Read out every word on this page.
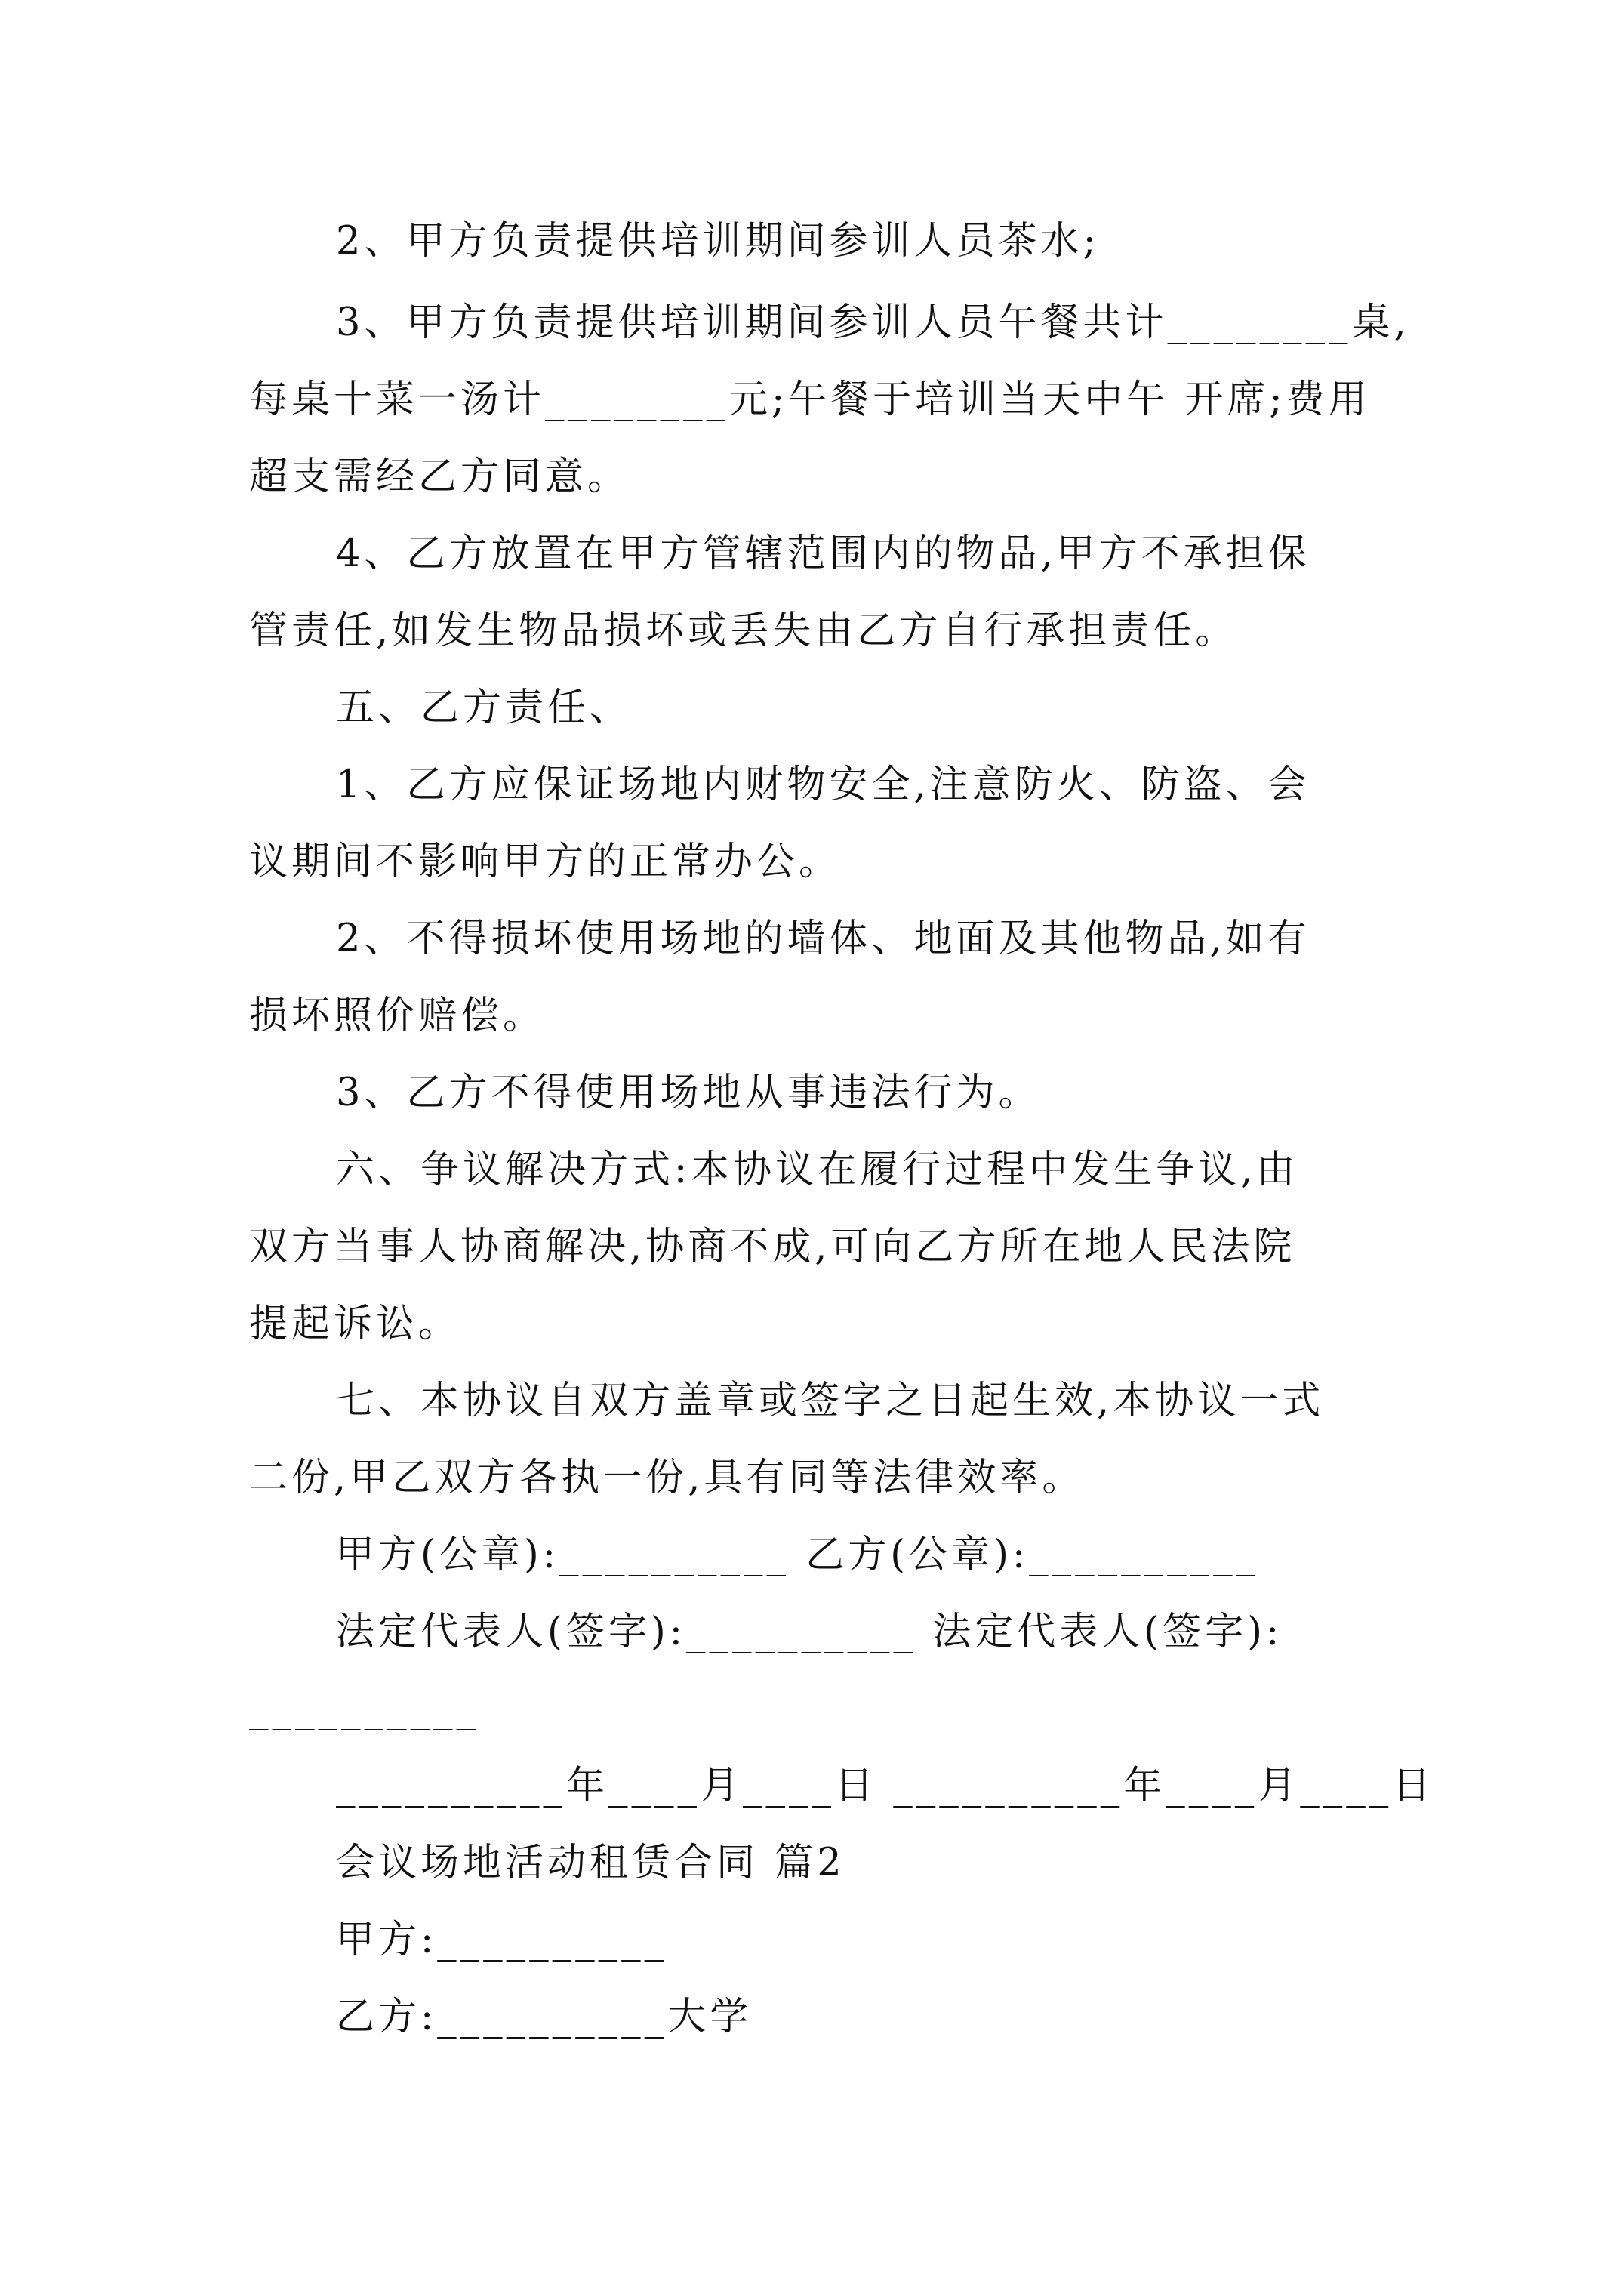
2、甲方负责提供培训期间参训人员茶水;
3、甲方负责提供培训期间参训人员午餐共计________桌,
每桌十菜一汤计________元;午餐于培训当天中午 开席;费用
超支需经乙方同意。
4、乙方放置在甲方管辖范围内的物品,甲方不承担保
管责任,如发生物品损坏或丢失由乙方自行承担责任。
五、乙方责任、
1、乙方应保证场地内财物安全,注意防火、防盗、会
议期间不影响甲方的正常办公。
2、不得损坏使用场地的墙体、地面及其他物品,如有
损坏照价赔偿。
3、乙方不得使用场地从事违法行为。
六、争议解决方式:本协议在履行过程中发生争议,由
双方当事人协商解决,协商不成,可向乙方所在地人民法院
提起诉讼。
七、本协议自双方盖章或签字之日起生效,本协议一式
二份,甲乙双方各执一份,具有同等法律效率。
甲方(公章):__________ 乙方(公章):__________
法定代表人(签字):__________ 法定代表人(签字):
__________
__________年____月____日 __________年____月____日
会议场地活动租赁合同 篇2
甲方:__________
乙方:__________大学
